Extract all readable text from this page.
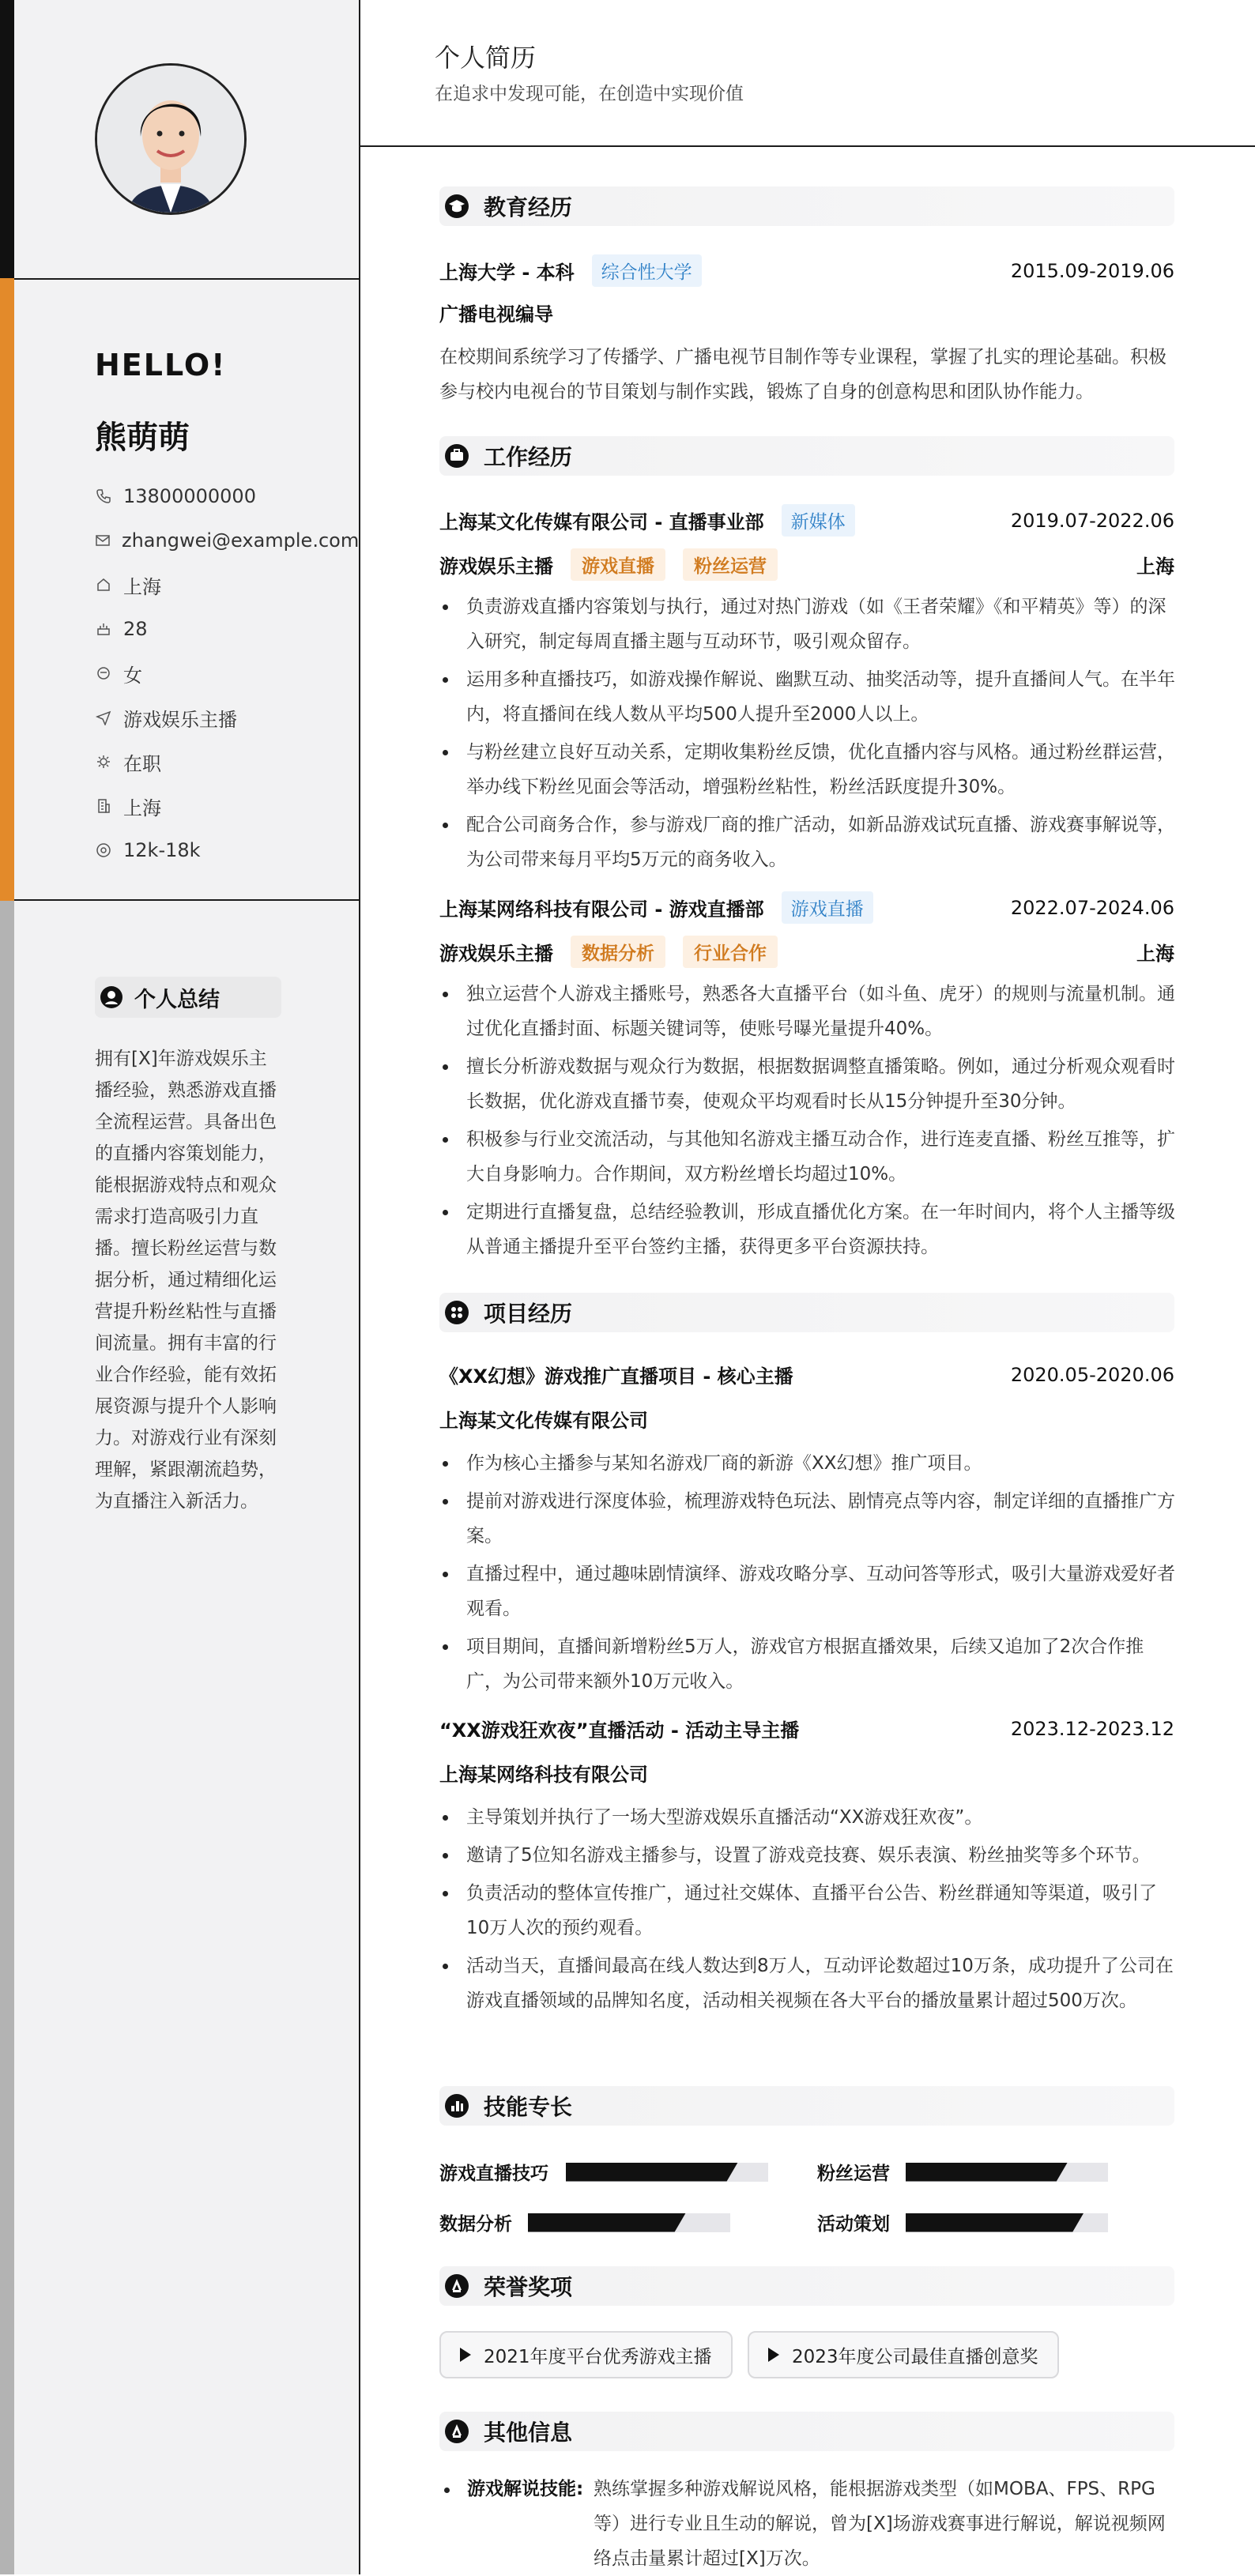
HELLO!
熊萌萌
13800000000
zhangwei@example.com
上海
28
女
游戏娱乐主播
在职
上海
12k-18k
个人总结
拥有[X]年游戏娱乐主播经验，熟悉游戏直播全流程运营。具备出色的直播内容策划能力，能根据游戏特点和观众需求打造高吸引力直播。擅长粉丝运营与数据分析，通过精细化运营提升粉丝粘性与直播间流量。拥有丰富的行业合作经验，能有效拓展资源与提升个人影响力。对游戏行业有深刻理解，紧跟潮流趋势，为直播注入新活力。
个人简历
在追求中发现可能，在创造中实现价值
教育经历
上海大学 - 本科	综合性大学	2015.09-2019.06
广播电视编导
在校期间系统学习了传播学、广播电视节目制作等专业课程，掌握了扎实的理论基础。积极参与校内电视台的节目策划与制作实践，锻炼了自身的创意构思和团队协作能力。
工作经历
上海某文化传媒有限公司 - 直播事业部	新媒体	2019.07-2022.06
游戏娱乐主播	游戏直播	粉丝运营	上海
负责游戏直播内容策划与执行，通过对热门游戏（如《王者荣耀》《和平精英》等）的深入研究，制定每周直播主题与互动环节，吸引观众留存。
运用多种直播技巧，如游戏操作解说、幽默互动、抽奖活动等，提升直播间人气。在半年内，将直播间在线人数从平均500人提升至2000人以上。
与粉丝建立良好互动关系，定期收集粉丝反馈，优化直播内容与风格。通过粉丝群运营，举办线下粉丝见面会等活动，增强粉丝粘性，粉丝活跃度提升30%。
配合公司商务合作，参与游戏厂商的推广活动，如新品游戏试玩直播、游戏赛事解说等，为公司带来每月平均5万元的商务收入。
上海某网络科技有限公司 - 游戏直播部	游戏直播	2022.07-2024.06
游戏娱乐主播	数据分析	行业合作	上海
独立运营个人游戏主播账号，熟悉各大直播平台（如斗鱼、虎牙）的规则与流量机制。通过优化直播封面、标题关键词等，使账号曝光量提升40%。
擅长分析游戏数据与观众行为数据，根据数据调整直播策略。例如，通过分析观众观看时长数据，优化游戏直播节奏，使观众平均观看时长从15分钟提升至30分钟。
积极参与行业交流活动，与其他知名游戏主播互动合作，进行连麦直播、粉丝互推等，扩大自身影响力。合作期间，双方粉丝增长均超过10%。
定期进行直播复盘，总结经验教训，形成直播优化方案。在一年时间内，将个人主播等级从普通主播提升至平台签约主播，获得更多平台资源扶持。
项目经历
《XX幻想》游戏推广直播项目 - 核心主播	2020.05-2020.06
上海某文化传媒有限公司
作为核心主播参与某知名游戏厂商的新游《XX幻想》推广项目。
提前对游戏进行深度体验，梳理游戏特色玩法、剧情亮点等内容，制定详细的直播推广方案。
直播过程中，通过趣味剧情演绎、游戏攻略分享、互动问答等形式，吸引大量游戏爱好者观看。
项目期间，直播间新增粉丝5万人，游戏官方根据直播效果，后续又追加了2次合作推广，为公司带来额外10万元收入。
“XX游戏狂欢夜”直播活动 - 活动主导主播	2023.12-2023.12
上海某网络科技有限公司
主导策划并执行了一场大型游戏娱乐直播活动“XX游戏狂欢夜”。
邀请了5位知名游戏主播参与，设置了游戏竞技赛、娱乐表演、粉丝抽奖等多个环节。
负责活动的整体宣传推广，通过社交媒体、直播平台公告、粉丝群通知等渠道，吸引了10万人次的预约观看。
活动当天，直播间最高在线人数达到8万人，互动评论数超过10万条，成功提升了公司在游戏直播领域的品牌知名度，活动相关视频在各大平台的播放量累计超过500万次。
技能专长
游戏直播技巧	粉丝运营
数据分析	活动策划
荣誉奖项
2021年度平台优秀游戏主播	2023年度公司最佳直播创意奖
其他信息
游戏解说技能: 熟练掌握多种游戏解说风格，能根据游戏类型（如MOBA、FPS、RPG等）进行专业且生动的解说，曾为[X]场游戏赛事进行解说，解说视频网络点击量累计超过[X]万次。
